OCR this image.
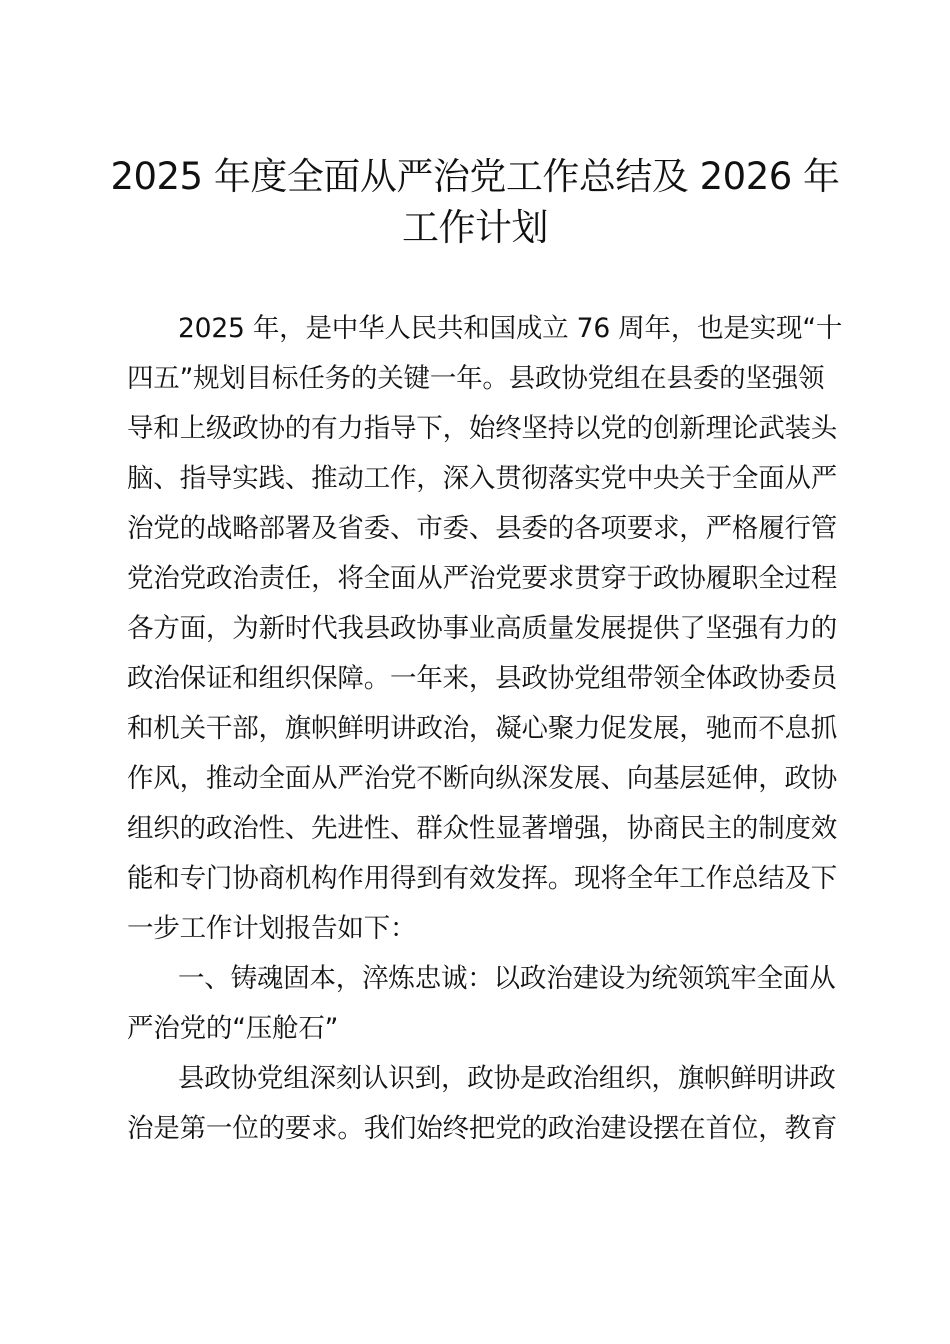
2025 年度全面从严治党工作总结及 2026 年
工作计划
2025 年，是中华人民共和国成立 76 周年，也是实现“十
四五”规划目标任务的关键一年。县政协党组在县委的坚强领
导和上级政协的有力指导下，始终坚持以党的创新理论武装头
脑、指导实践、推动工作，深入贯彻落实党中央关于全面从严
治党的战略部署及省委、市委、县委的各项要求，严格履行管
党治党政治责任，将全面从严治党要求贯穿于政协履职全过程
各方面，为新时代我县政协事业高质量发展提供了坚强有力的
政治保证和组织保障。一年来，县政协党组带领全体政协委员
和机关干部，旗帜鲜明讲政治，凝心聚力促发展，驰而不息抓
作风，推动全面从严治党不断向纵深发展、向基层延伸，政协
组织的政治性、先进性、群众性显著增强，协商民主的制度效
能和专门协商机构作用得到有效发挥。现将全年工作总结及下
一步工作计划报告如下：
一、铸魂固本，淬炼忠诚：以政治建设为统领筑牢全面从
严治党的“压舱石”
县政协党组深刻认识到，政协是政治组织，旗帜鲜明讲政
治是第一位的要求。我们始终把党的政治建设摆在首位，教育
